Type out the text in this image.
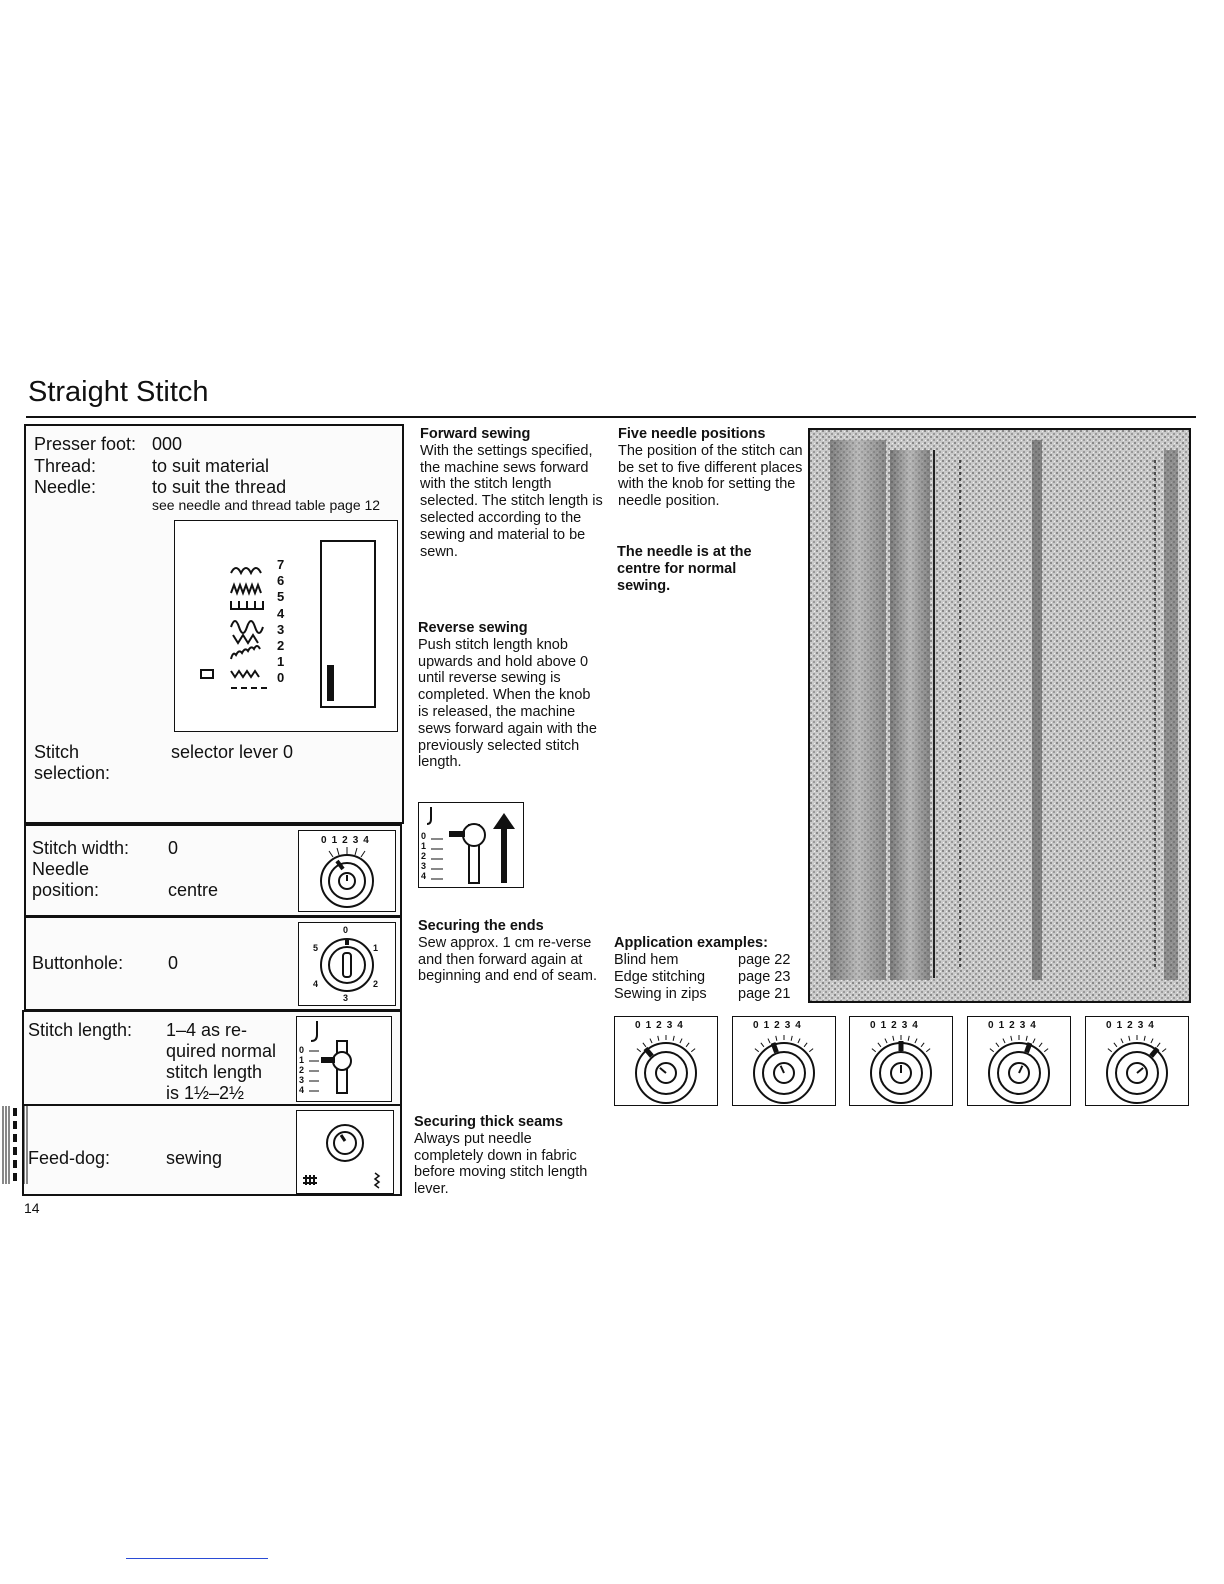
Straight Stitch
Presser foot: 000
Thread:	to suit material
Needle:	to suit the thread
see needle and thread table page 12
7
6
5
4
3
2
1
0
Stitch
selection:
selector lever 0
Stitch width: 0
Needle
position:	centre
01234
Buttonhole: 0
0
1
2
3
4
5
Stitch length: 1–4 as re-
quired normal
stitch length
is 1½–2½
0
1
2
3
4
Feed-dog:	sewing
14
Forward sewing
With the settings specified, the machine sews forward with the stitch length selected. The stitch length is selected according to the sewing and material to be sewn.
Reverse sewing
Push stitch length knob upwards and hold above 0 until reverse sewing is completed. When the knob is released, the machine sews forward again with the previously selected stitch length.
0
1
2
3
4
Securing the ends
Sew approx. 1 cm re-verse and then forward again at beginning and end of seam.
Securing thick seams
Always put needle completely down in fabric before moving stitch length lever.
Five needle positions
The position of the stitch can be set to five different places with the knob for setting the needle position.
The needle is at the centre for normal sewing.
Application examples:
Blind hem	page 22
Edge stitching page 23
Sewing in zips page 21
01234	01234	01234	01234	01234
